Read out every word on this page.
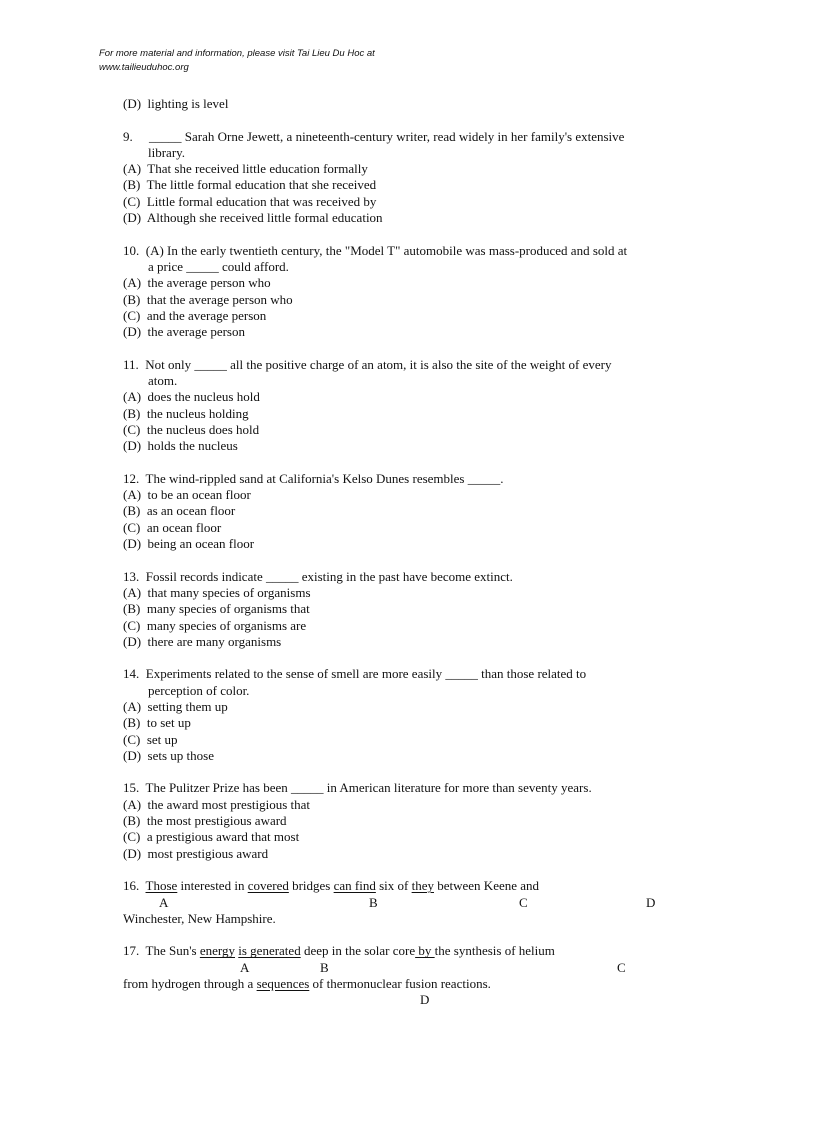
For more material and information, please visit Tai Lieu Du Hoc at
www.tailieuduhoc.org
(D)  lighting is level
9.     _____ Sarah Orne Jewett, a nineteenth-century writer, read widely in her family's extensive
library.
(A)  That she received little education formally
(B)  The little formal education that she received
(C)  Little formal education that was received by
(D)  Although she received little formal education
10.  (A) In the early twentieth century, the "Model T" automobile was mass-produced and sold at
a price _____ could afford.
(A)  the average person who
(B)  that the average person who
(C)  and the average person
(D)  the average person
11.  Not only _____ all the positive charge of an atom, it is also the site of the weight of every
atom.
(A)  does the nucleus hold
(B)  the nucleus holding
(C)  the nucleus does hold
(D)  holds the nucleus
12.  The wind-rippled sand at California's Kelso Dunes resembles _____.
(A)  to be an ocean floor
(B)  as an ocean floor
(C)  an ocean floor
(D)  being an ocean floor
13.  Fossil records indicate _____ existing in the past have become extinct.
(A)  that many species of organisms
(B)  many species of organisms that
(C)  many species of organisms are
(D)  there are many organisms
14.  Experiments related to the sense of smell are more easily _____ than those related to
perception of color.
(A)  setting them up
(B)  to set up
(C)  set up
(D)  sets up those
15.  The Pulitzer Prize has been _____ in American literature for more than seventy years.
(A)  the award most prestigious that
(B)  the most prestigious award
(C)  a prestigious award that most
(D)  most prestigious award
16.  Those interested in covered bridges can find six of they between Keene and
A	B	C	D
Winchester, New Hampshire.
17.  The Sun's energy is generated deep in the solar core by the synthesis of helium
A	B	C
from hydrogen through a sequences of thermonuclear fusion reactions.
D
